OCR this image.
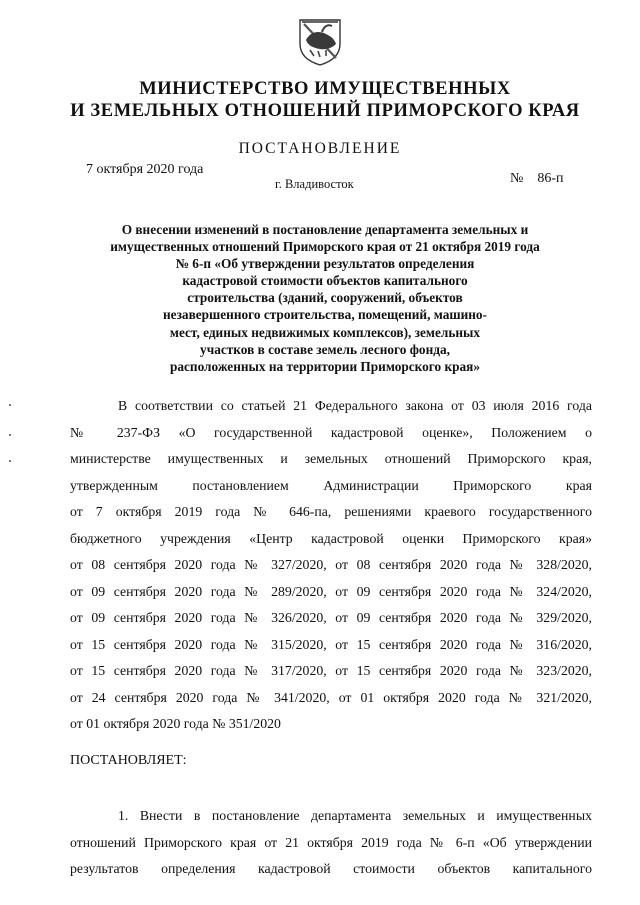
МИНИСТЕРСТВО ИМУЩЕСТВЕННЫХ
И ЗЕМЕЛЬНЫХ ОТНОШЕНИЙ ПРИМОРСКОГО КРАЯ
ПОСТАНОВЛЕНИЕ
7 октября 2020 года
г. Владивосток	№ 86-п
О внесении изменений в постановление департамента земельных и
имущественных отношений Приморского края от 21 октября 2019 года
№ 6-п «Об утверждении результатов определения
кадастровой стоимости объектов капитального
строительства (зданий, сооружений, объектов
незавершенного строительства, помещений, машино-
мест, единых недвижимых комплексов), земельных
участков в составе земель лесного фонда,
расположенных на территории Приморского края»
В соответствии со статьей 21 Федерального закона от 03 июля 2016 года
№ 237-ФЗ «О государственной кадастровой оценке», Положением о
министерстве имущественных и земельных отношений Приморского края,
утвержденным постановлением Администрации Приморского края
от 7 октября 2019 года № 646-па, решениями краевого государственного
бюджетного учреждения «Центр кадастровой оценки Приморского края»
от 08 сентября 2020 года № 327/2020, от 08 сентября 2020 года № 328/2020,
от 09 сентября 2020 года № 289/2020, от 09 сентября 2020 года № 324/2020,
от 09 сентября 2020 года № 326/2020, от 09 сентября 2020 года № 329/2020,
от 15 сентября 2020 года № 315/2020, от 15 сентября 2020 года № 316/2020,
от 15 сентября 2020 года № 317/2020, от 15 сентября 2020 года № 323/2020,
от 24 сентября 2020 года № 341/2020, от 01 октября 2020 года № 321/2020,
от 01 октября 2020 года № 351/2020
ПОСТАНОВЛЯЕТ:
1. Внести в постановление департамента земельных и имущественных
отношений Приморского края от 21 октября 2019 года № 6-п «Об утверждении
результатов определения кадастровой стоимости объектов капитального
